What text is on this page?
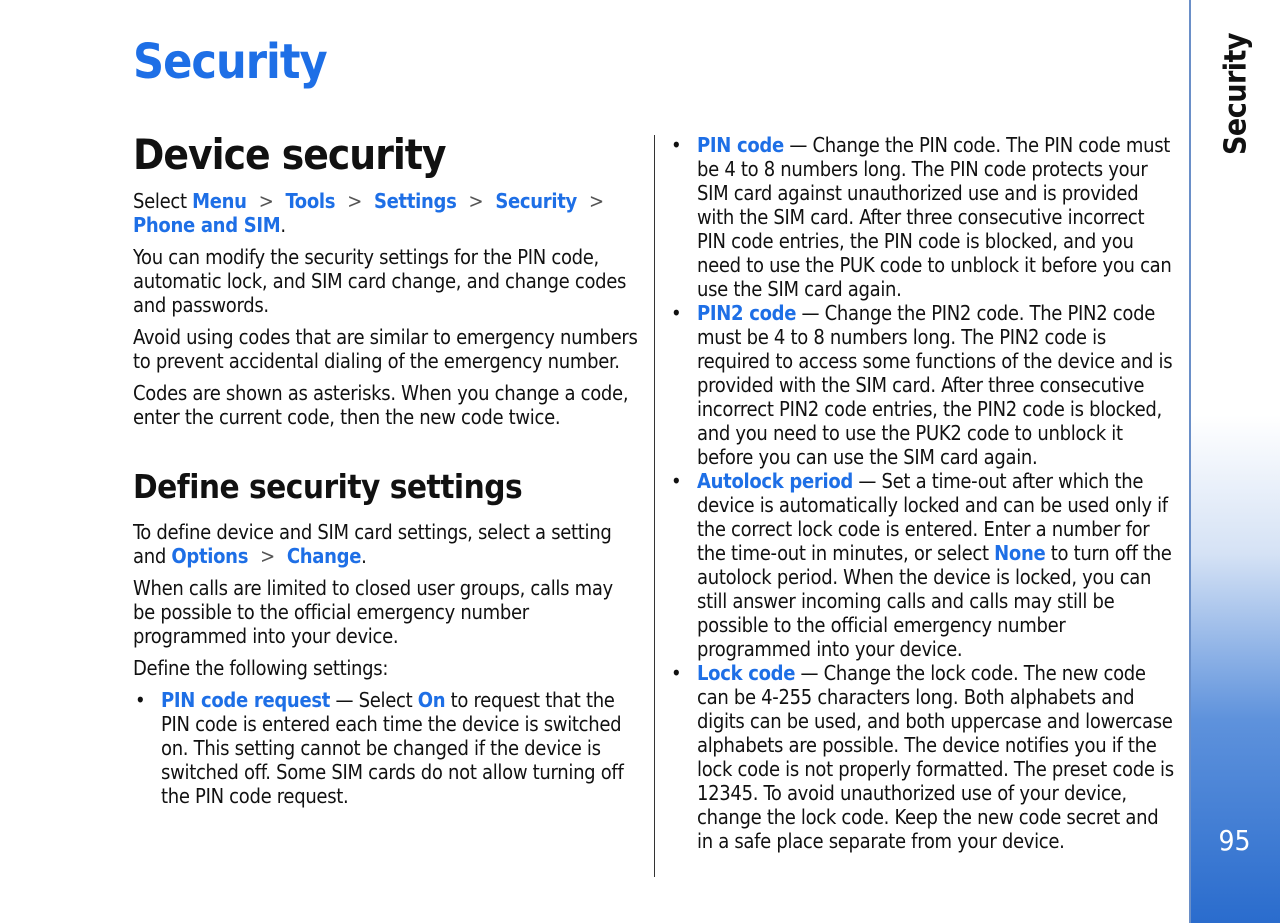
Security
Device security

Select Menu > Tools > Settings > Security >Phone and SIM.

You can modify the security settings for the PIN code, automatic lock, and SIM card change, and change codes and passwords.

Avoid using codes that are similar to emergency numbers to prevent accidental dialing of the emergency number.

Codes are shown as asterisks. When you change a code, enter the current code, then the new code twice.

Define security settings

To define device and SIM card settings, select a setting and Options > Change.

When calls are limited to closed user groups, calls may be possible to the official emergency number programmed into your device.

Define the following settings:

• PIN code request — Select On to request that the PIN code is entered each time the device is switched on. This setting cannot be changed if the device is switched off. Some SIM cards do not allow turning off the PIN code request.
• PIN code — Change the PIN code. The PIN code must be 4 to 8 numbers long. The PIN code protects your SIM card against unauthorized use and is provided with the SIM card. After three consecutive incorrect PIN code entries, the PIN code is blocked, and you need to use the PUK code to unblock it before you can use the SIM card again.
• PIN2 code — Change the PIN2 code. The PIN2 code must be 4 to 8 numbers long. The PIN2 code is required to access some functions of the device and is provided with the SIM card. After three consecutive incorrect PIN2 code entries, the PIN2 code is blocked, and you need to use the PUK2 code to unblock it before you can use the SIM card again.
• Autolock period — Set a time-out after which the device is automatically locked and can be used only if the correct lock code is entered. Enter a number for the time-out in minutes, or select None to turn off the autolock period. When the device is locked, you can still answer incoming calls and calls may still be possible to the official emergency number programmed into your device.
• Lock code — Change the lock code. The new code can be 4-255 characters long. Both alphabets and digits can be used, and both uppercase and lowercase alphabets are possible. The device notifies you if the lock code is not properly formatted. The preset code is 12345. To avoid unauthorized use of your device, change the lock code. Keep the new code secret and in a safe place separate from your device.
Security
95
